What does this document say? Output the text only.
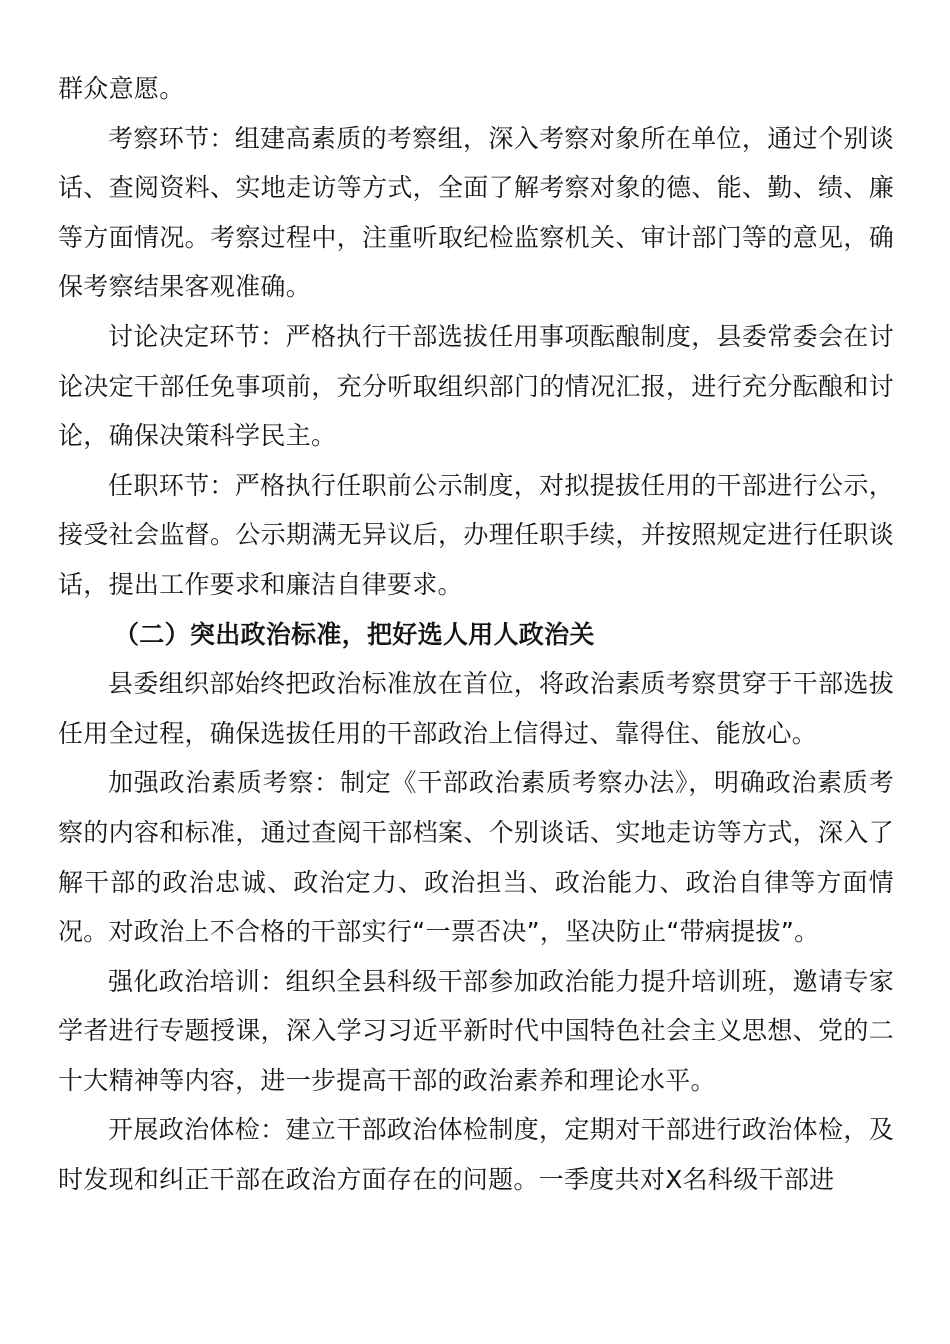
群众意愿。

考察环节：组建高素质的考察组，深入考察对象所在单位，通过个别谈话、查阅资料、实地走访等方式，全面了解考察对象的德、能、勤、绩、廉等方面情况。考察过程中，注重听取纪检监察机关、审计部门等的意见，确保考察结果客观准确。

讨论决定环节：严格执行干部选拔任用事项酝酿制度，县委常委会在讨论决定干部任免事项前，充分听取组织部门的情况汇报，进行充分酝酿和讨论，确保决策科学民主。

任职环节：严格执行任职前公示制度，对拟提拔任用的干部进行公示，接受社会监督。公示期满无异议后，办理任职手续，并按照规定进行任职谈话，提出工作要求和廉洁自律要求。

（二）突出政治标准，把好选人用人政治关

县委组织部始终把政治标准放在首位，将政治素质考察贯穿于干部选拔任用全过程，确保选拔任用的干部政治上信得过、靠得住、能放心。

加强政治素质考察：制定《干部政治素质考察办法》，明确政治素质考察的内容和标准，通过查阅干部档案、个别谈话、实地走访等方式，深入了解干部的政治忠诚、政治定力、政治担当、政治能力、政治自律等方面情况。对政治上不合格的干部实行“一票否决”，坚决防止“带病提拔”。

强化政治培训：组织全县科级干部参加政治能力提升培训班，邀请专家学者进行专题授课，深入学习习近平新时代中国特色社会主义思想、党的二十大精神等内容，进一步提高干部的政治素养和理论水平。

开展政治体检：建立干部政治体检制度，定期对干部进行政治体检，及时发现和纠正干部在政治方面存在的问题。一季度共对X名科级干部进
